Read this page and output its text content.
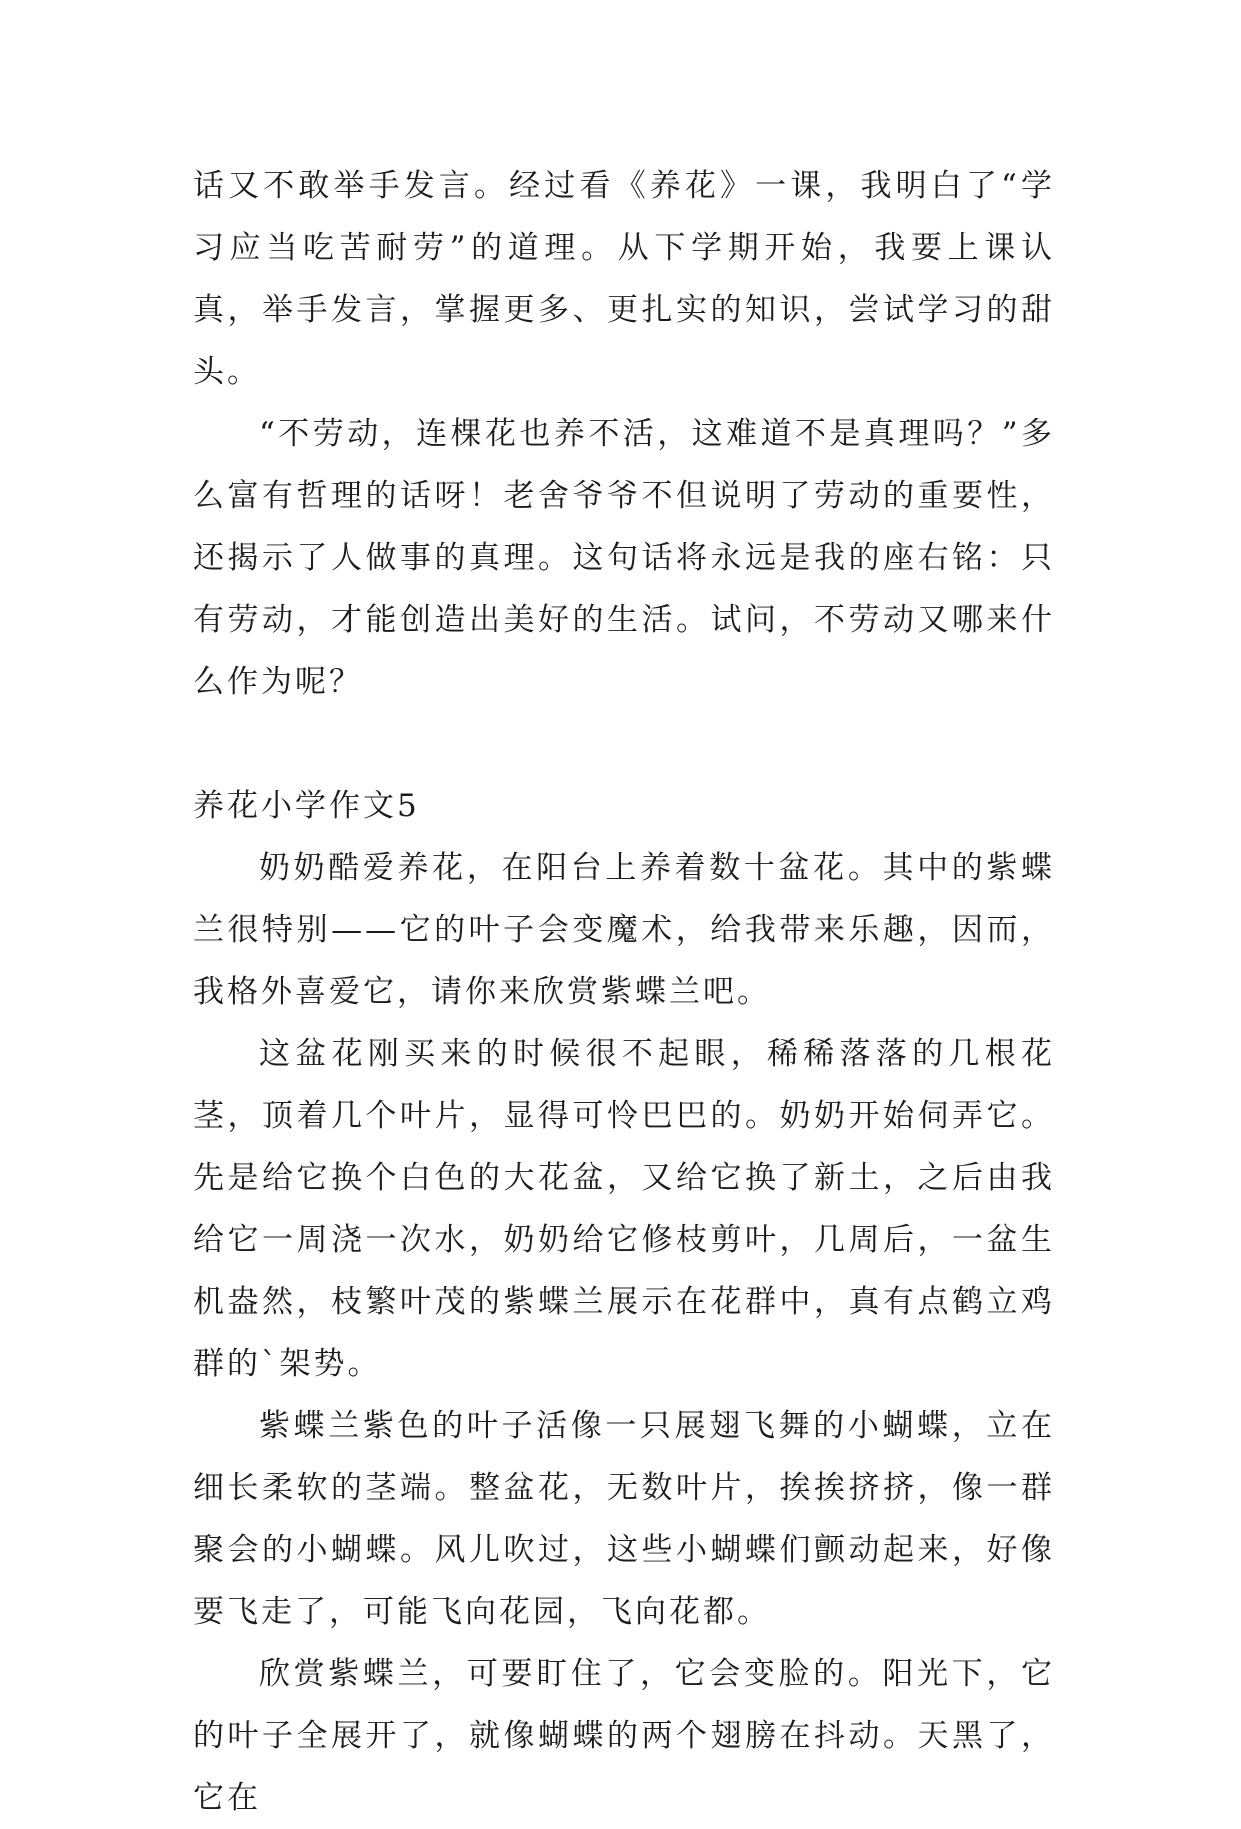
话又不敢举手发言。经过看《养花》一课，我明白了“学习应当吃苦耐劳”的道理。从下学期开始，我要上课认真，举手发言，掌握更多、更扎实的知识，尝试学习的甜头。

“不劳动，连棵花也养不活，这难道不是真理吗？”多么富有哲理的话呀！老舍爷爷不但说明了劳动的重要性，还揭示了人做事的真理。这句话将永远是我的座右铭：只有劳动，才能创造出美好的生活。试问，不劳动又哪来什么作为呢？

养花小学作文5

奶奶酷爱养花，在阳台上养着数十盆花。其中的紫蝶兰很特别——它的叶子会变魔术，给我带来乐趣，因而，我格外喜爱它，请你来欣赏紫蝶兰吧。

这盆花刚买来的时候很不起眼，稀稀落落的几根花茎，顶着几个叶片，显得可怜巴巴的。奶奶开始伺弄它。先是给它换个白色的大花盆，又给它换了新土，之后由我给它一周浇一次水，奶奶给它修枝剪叶，几周后，一盆生机盎然，枝繁叶茂的紫蝶兰展示在花群中，真有点鹤立鸡群的`架势。

紫蝶兰紫色的叶子活像一只展翅飞舞的小蝴蝶，立在细长柔软的茎端。整盆花，无数叶片，挨挨挤挤，像一群聚会的小蝴蝶。风儿吹过，这些小蝴蝶们颤动起来，好像要飞走了，可能飞向花园，飞向花都。

欣赏紫蝶兰，可要盯住了，它会变脸的。阳光下，它的叶子全展开了，就像蝴蝶的两个翅膀在抖动。天黑了，它在
